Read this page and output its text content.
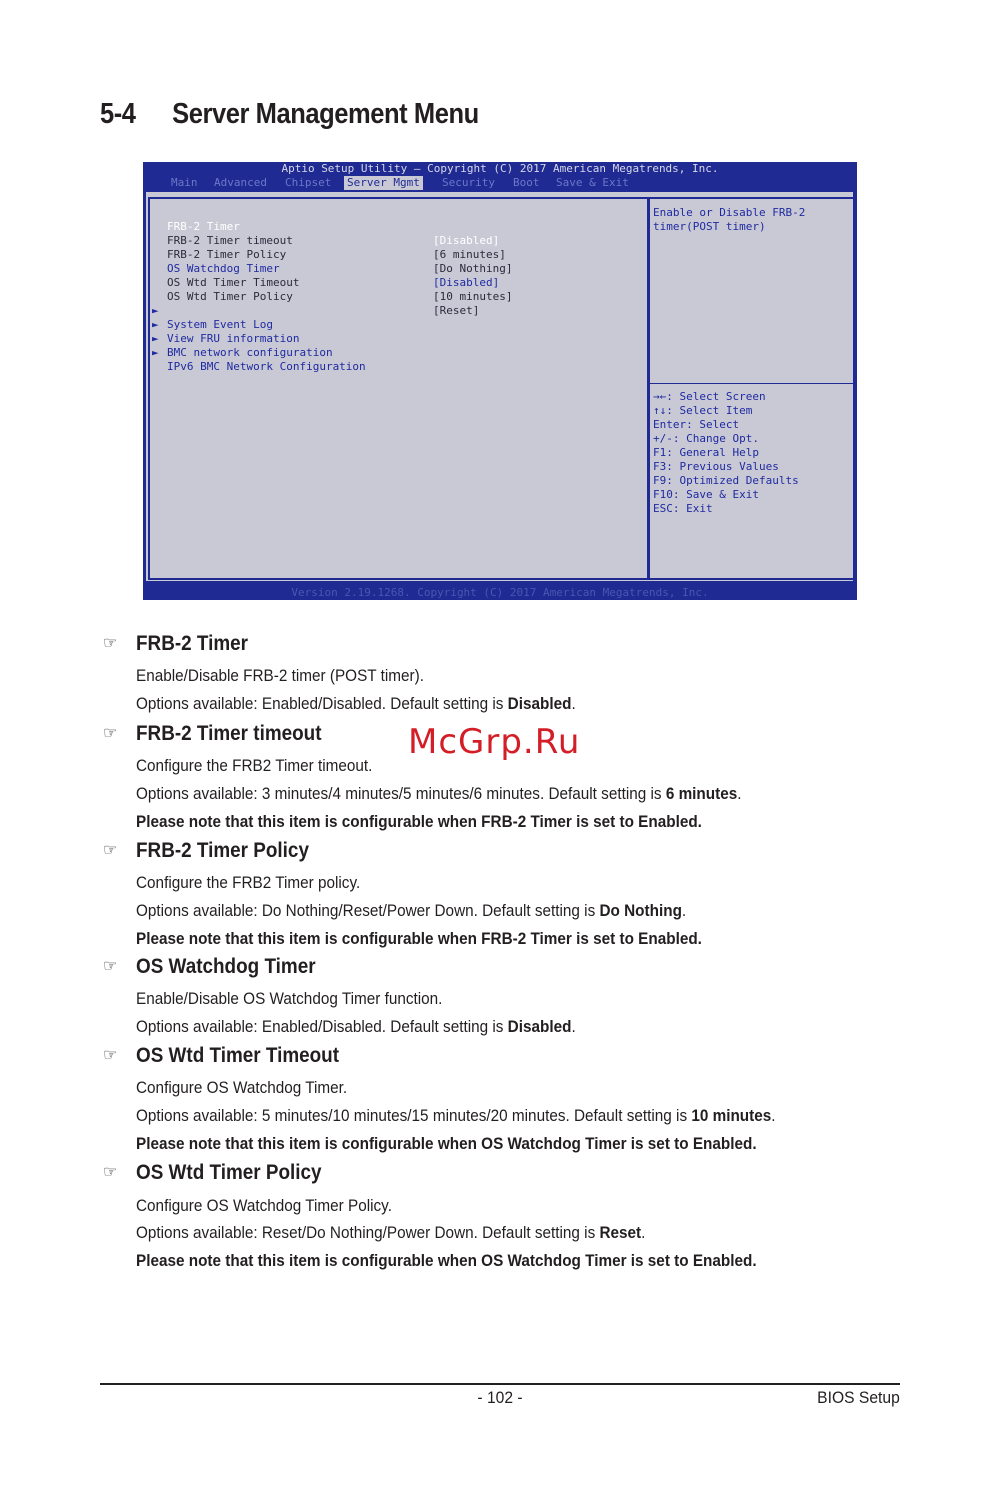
5-4 Server Management Menu
Aptio Setup Utility – Copyright (C) 2017 American Megatrends, Inc.

Main

Advanced

Chipset

Server Mgmt

Security

Boot

Save & Exit

FRB-2 Timer

[Disabled]

FRB-2 Timer timeout

[6 minutes]

FRB-2 Timer Policy

[Do Nothing]

OS Watchdog Timer

[Disabled]

OS Wtd Timer Timeout

[10 minutes]

OS Wtd Timer Policy

[Reset]

►

System Event Log

►

View FRU information

►

BMC network configuration

►

IPv6 BMC Network Configuration

Enable or Disable FRB-2
timer(POST timer)
→←: Select Screen
↑↓: Select Item
Enter: Select
+/-: Change Opt.
F1: General Help
F3: Previous Values
F9: Optimized Defaults
F10: Save & Exit
ESC: Exit
Version 2.19.1268. Copyright (C) 2017 American Megatrends, Inc.
☞ FRB-2 Timer
Enable/Disable FRB-2 timer (POST timer).
Options available: Enabled/Disabled. Default setting is Disabled.
☞ FRB-2 Timer timeout
Configure the FRB2 Timer timeout.
Options available: 3 minutes/4 minutes/5 minutes/6 minutes. Default setting is 6 minutes.
Please note that this item is configurable when FRB-2 Timer is set to Enabled.
☞ FRB-2 Timer Policy
Configure the FRB2 Timer policy.
Options available: Do Nothing/Reset/Power Down. Default setting is Do Nothing.
Please note that this item is configurable when FRB-2 Timer is set to Enabled.
☞ OS Watchdog Timer
Enable/Disable OS Watchdog Timer function.
Options available: Enabled/Disabled. Default setting is Disabled.
☞ OS Wtd Timer Timeout
Configure OS Watchdog Timer.
Options available: 5 minutes/10 minutes/15 minutes/20 minutes. Default setting is 10 minutes.
Please note that this item is configurable when OS Watchdog Timer is set to Enabled.
☞ OS Wtd Timer Policy
Configure OS Watchdog Timer Policy.
Options available: Reset/Do Nothing/Power Down. Default setting is Reset.
Please note that this item is configurable when OS Watchdog Timer is set to Enabled.
McGrp.Ru
- 102 -	BIOS Setup
